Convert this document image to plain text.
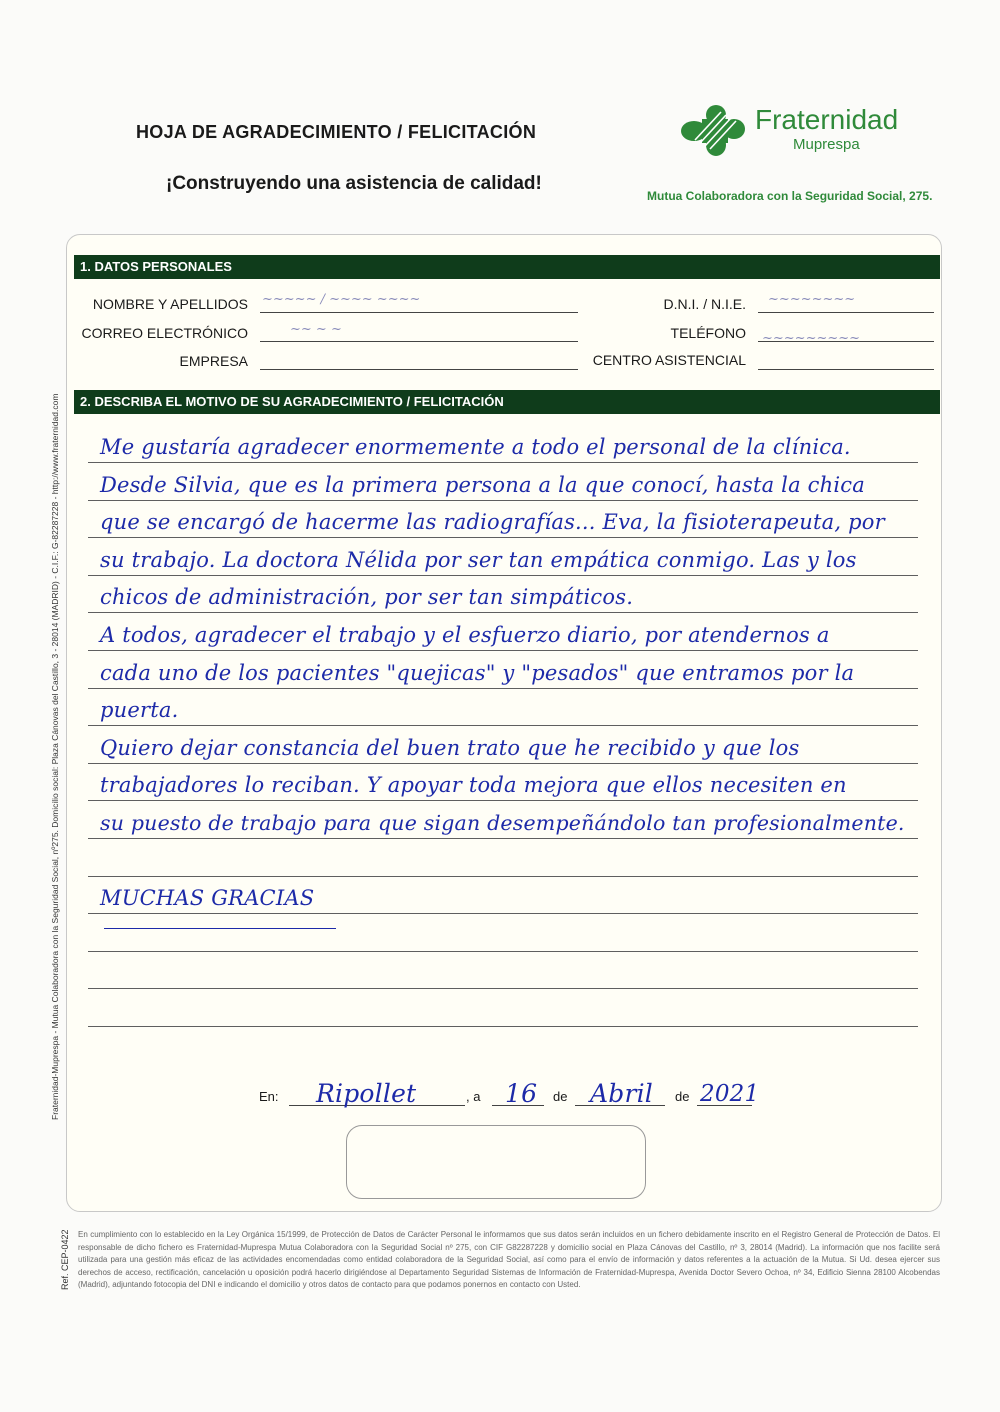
HOJA DE AGRADECIMIENTO / FELICITACIÓN
¡Construyendo una asistencia de calidad!
Fraternidad
Muprespa
Mutua Colaboradora con la Seguridad Social, 275.
Fraternidad-Muprespa - Mutua Colaboradora con la Seguridad Social, nº275. Domicilio social: Plaza Cánovas del Castillo, 3 - 28014 (MADRID) - C.I.F.: G-82287228 - http://www.fraternidad.com
1. DATOS PERSONALES
NOMBRE Y APELLIDOS ~~~~~ / ~~~~ ~~~~
CORREO ELECTRÓNICO	~~ ~ ~
EMPRESA
D.N.I. / N.I.E. ~~~~~~~~
TELÉFONO ~~~~~~~~~
CENTRO ASISTENCIAL
2. DESCRIBA EL MOTIVO DE SU AGRADECIMIENTO / FELICITACIÓN
Me gustaría agradecer enormemente a todo el personal de la clínica.
Desde Silvia, que es la primera persona a la que conocí, hasta la chica
que se encargó de hacerme las radiografías... Eva, la fisioterapeuta, por
su trabajo. La doctora Nélida por ser tan empática conmigo. Las y los
chicos de administración, por ser tan simpáticos.
A todos, agradecer el trabajo y el esfuerzo diario, por atendernos a
cada uno de los pacientes "quejicas" y "pesados" que entramos por la
puerta.
Quiero dejar constancia del buen trato que he recibido y que los
trabajadores lo reciban. Y apoyar toda mejora que ellos necesiten en
su puesto de trabajo para que sigan desempeñándolo tan profesionalmente.
MUCHAS GRACIAS
En: Ripollet	, a 16 de Abril de 2021
En cumplimiento con lo establecido en la Ley Orgánica 15/1999, de Protección de Datos de Carácter Personal le informamos que sus datos serán incluidos en un fichero debidamente inscrito en el Registro General de Protección de Datos. El responsable de dicho fichero es Fraternidad-Muprespa Mutua Colaboradora con la Seguridad Social nº 275, con CIF G82287228 y domicilio social en Plaza Cánovas del Castillo, nº 3, 28014 (Madrid). La información que nos facilite será utilizada para una gestión más eficaz de las actividades encomendadas como entidad colaboradora de la Seguridad Social, así como para el envío de información y datos referentes a la actuación de la Mutua. Si Ud. desea ejercer sus derechos de acceso, rectificación, cancelación u oposición podrá hacerlo dirigiéndose al Departamento Seguridad Sistemas de Información de Fraternidad-Muprespa, Avenida Doctor Severo Ochoa, nº 34, Edificio Sienna 28100 Alcobendas (Madrid), adjuntando fotocopia del DNI e indicando el domicilio y otros datos de contacto para que podamos ponernos en contacto con Usted.
Ref. CEP-0422
